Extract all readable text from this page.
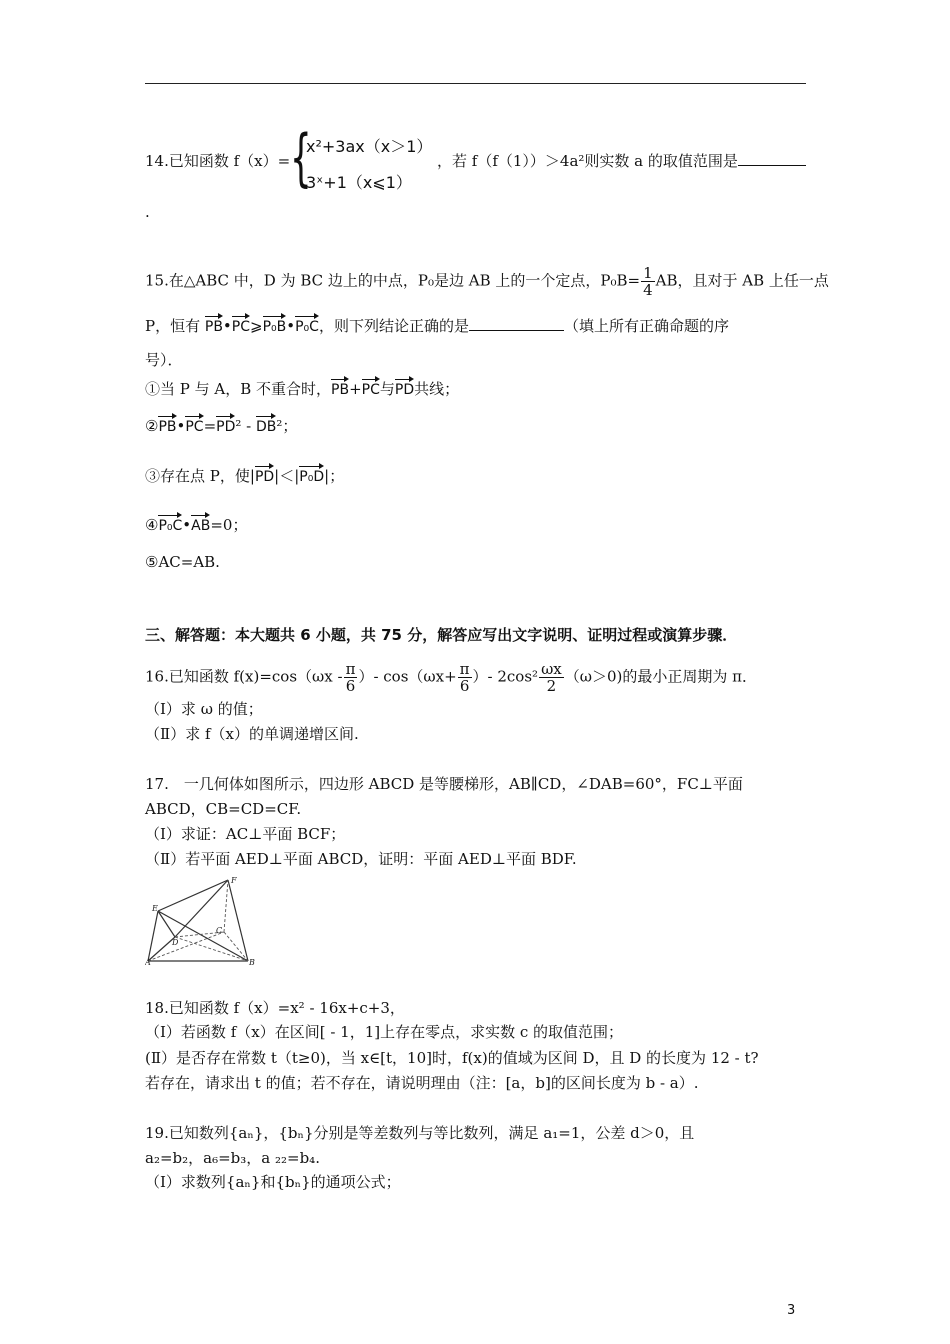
14.已知函数 f（x）= {
x²+3ax（x＞1）
3ˣ+1（x⩽1）
，若 f（f（1））＞4a²则实数 a 的取值范围是
.
15.在△ABC 中，D 为 BC 边上的中点，P₀是边 AB 上的一个定点，$P_0B= \frac{1}{4}$ AB，且对于 AB 上任一点
P，恒有 PB•PC⩾P₀B•P₀C，则下列结论正确的是	（填上所有正确命题的序
号）．
①当 P 与 A，B 不重合时，PB+PC与PD共线；
②PB•PC=PD² - DB²；
③存在点 P，使|PD|＜|P₀D|；
④P₀C•AB=0；
⑤AC=AB.
三、解答题：本大题共 6 小题，共 75 分，解答应写出文字说明、证明过程或演算步骤．
16.已知函数 $f(x)=\cos(\omega x - \frac{\pi}{6}$ ）- $\cos(\omega x+ \frac{\pi}{6}$ ）- $2\cos^2 \frac{\omega x}{2} (\omega>0)$的最小正周期为 π．
（Ⅰ）求 ω 的值；
（Ⅱ）求 f（x）的单调递增区间.
17.　一几何体如图所示，四边形 ABCD 是等腰梯形，AB∥CD，∠DAB=60°，FC⊥平面
ABCD，CB=CD=CF.
（Ⅰ）求证：AC⊥平面 BCF；
（Ⅱ）若平面 AED⊥平面 ABCD，证明：平面 AED⊥平面 BDF.
F
E
D
C
A	B
18.已知函数 f（x）=x² - 16x+c+3，
（Ⅰ）若函数 f（x）在区间[ - 1，1]上存在零点，求实数 c 的取值范围；
(Ⅱ）是否存在常数 t（t≥0)，当 x∈[t，10]时，f(x)的值域为区间 D，且 D 的长度为 12 - t?
若存在，请求出 t 的值；若不存在，请说明理由（注：[a，b]的区间长度为 b - a）.
19.已知数列{aₙ}，{bₙ}分别是等差数列与等比数列，满足 a₁=1，公差 d＞0，且
a₂=b₂，a₆=b₃，a ₂₂=b₄.
（Ⅰ）求数列{aₙ}和{bₙ}的通项公式；
3
